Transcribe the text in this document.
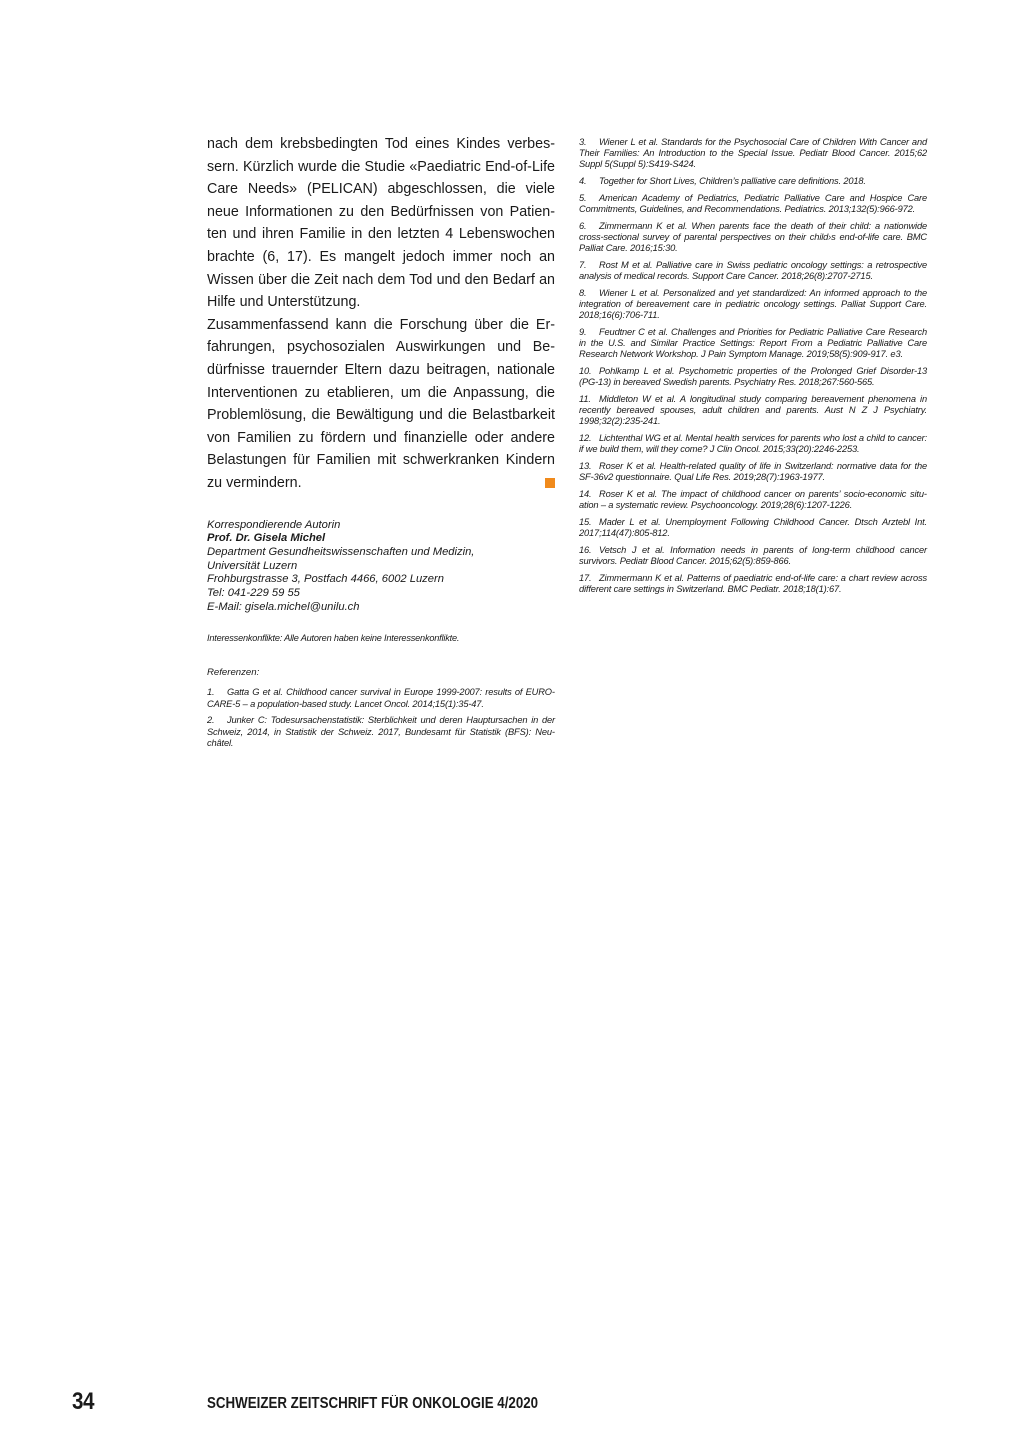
nach dem krebsbedingten Tod eines Kindes verbessern. Kürzlich wurde die Studie «Paediatric End-of-Life Care Needs» (PELICAN) abgeschlossen, die viele neue Informationen zu den Bedürfnissen von Patienten und ihren Familie in den letzten 4 Lebenswochen brachte (6, 17). Es mangelt jedoch immer noch an Wissen über die Zeit nach dem Tod und den Bedarf an Hilfe und Unterstützung.

Zusammenfassend kann die Forschung über die Erfahrungen, psychosozialen Auswirkungen und Bedürfnisse trauernder Eltern dazu beitragen, nationale Interventionen zu etablieren, um die Anpassung, die Problemlösung, die Bewältigung und die Belastbarkeit von Familien zu fördern und finanzielle oder andere Belastungen für Familien mit schwerkranken Kindern zu vermindern.

Korrespondierende Autorin
Prof. Dr. Gisela Michel
Department Gesundheitswissenschaften und Medizin,
Universität Luzern
Frohburgstrasse 3, Postfach 4466, 6002 Luzern
Tel: 041-229 59 55
E-Mail: gisela.michel@unilu.ch
Interessenkonflikte: Alle Autoren haben keine Interessenkonflikte.
Referenzen:
1. Gatta G et al. Childhood cancer survival in Europe 1999-2007: results of EUROCARE-5 – a population-based study. Lancet Oncol. 2014;15(1):35-47.
2. Junker C: Todesursachenstatistik: Sterblichkeit und deren Hauptursachen in der Schweiz, 2014, in Statistik der Schweiz. 2017, Bundesamt für Statistik (BFS): Neuchâtel.
3. Wiener L et al. Standards for the Psychosocial Care of Children With Cancer and Their Families: An Introduction to the Special Issue. Pediatr Blood Cancer. 2015;62 Suppl 5(Suppl 5):S419-S424.
4. Together for Short Lives, Children’s palliative care definitions. 2018.
5. American Academy of Pediatrics, Pediatric Palliative Care and Hospice Care Commitments, Guidelines, and Recommendations. Pediatrics. 2013;132(5):966-972.
6. Zimmermann K et al. When parents face the death of their child: a nationwide cross-sectional survey of parental perspectives on their child›s end-of-life care. BMC Palliat Care. 2016;15:30.
7. Rost M et al. Palliative care in Swiss pediatric oncology settings: a retrospective analysis of medical records. Support Care Cancer. 2018;26(8):2707-2715.
8. Wiener L et al. Personalized and yet standardized: An informed approach to the integration of bereavement care in pediatric oncology settings. Palliat Support Care. 2018;16(6):706-711.
9. Feudtner C et al. Challenges and Priorities for Pediatric Palliative Care Research in the U.S. and Similar Practice Settings: Report From a Pediatric Palliative Care Research Network Workshop. J Pain Symptom Manage. 2019;58(5):909-917. e3.
10. Pohlkamp L et al. Psychometric properties of the Prolonged Grief Disorder-13 (PG-13) in bereaved Swedish parents. Psychiatry Res. 2018;267:560-565.
11. Middleton W et al. A longitudinal study comparing bereavement phenomena in recently bereaved spouses, adult children and parents. Aust N Z J Psychiatry. 1998;32(2):235-241.
12. Lichtenthal WG et al. Mental health services for parents who lost a child to cancer: if we build them, will they come? J Clin Oncol. 2015;33(20):2246-2253.
13. Roser K et al. Health-related quality of life in Switzerland: normative data for the SF-36v2 questionnaire. Qual Life Res. 2019;28(7):1963-1977.
14. Roser K et al. The impact of childhood cancer on parents’ socio-economic situation – a systematic review. Psychooncology. 2019;28(6):1207-1226.
15. Mader L et al. Unemployment Following Childhood Cancer. Dtsch Arztebl Int. 2017;114(47):805-812.
16. Vetsch J et al. Information needs in parents of long-term childhood cancer survivors. Pediatr Blood Cancer. 2015;62(5):859-866.
17. Zimmermann K et al. Patterns of paediatric end-of-life care: a chart review across different care settings in Switzerland. BMC Pediatr. 2018;18(1):67.
34	SCHWEIZER ZEITSCHRIFT FÜR ONKOLOGIE 4/2020
